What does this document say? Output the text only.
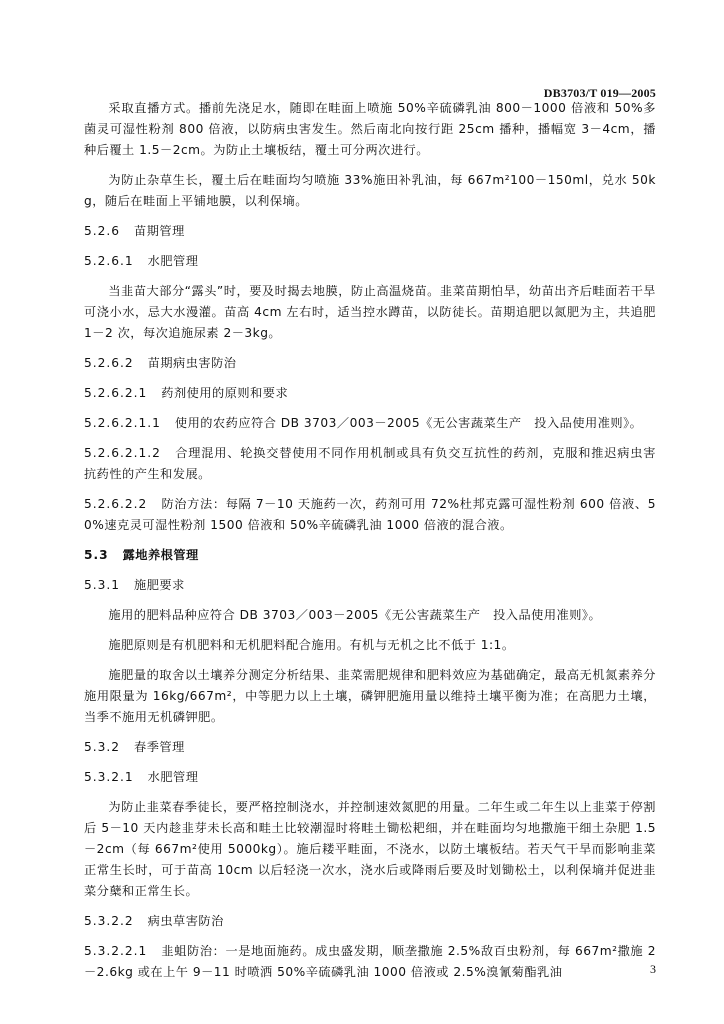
DB3703/T 019—2005
采取直播方式。播前先浇足水，随即在畦面上喷施 50%辛硫磷乳油 800－1000 倍液和 50%多菌灵可湿性粉剂 800 倍液，以防病虫害发生。然后南北向按行距 25cm 播种，播幅宽 3－4cm，播种后覆土 1.5－2cm。为防止土壤板结，覆土可分两次进行。
为防止杂草生长，覆土后在畦面均匀喷施 33%施田补乳油，每 667m²100－150ml，兑水 50kg，随后在畦面上平铺地膜，以利保墒。
5.2.6 苗期管理
5.2.6.1 水肥管理
当韭苗大部分“露头”时，要及时揭去地膜，防止高温烧苗。韭菜苗期怕旱，幼苗出齐后畦面若干旱可浇小水，忌大水漫灌。苗高 4cm 左右时，适当控水蹲苗，以防徒长。苗期追肥以氮肥为主，共追肥 1－2 次，每次追施尿素 2－3kg。
5.2.6.2 苗期病虫害防治
5.2.6.2.1 药剂使用的原则和要求
5.2.6.2.1.1 使用的农药应符合 DB 3703／003－2005《无公害蔬菜生产　投入品使用准则》。
5.2.6.2.1.2 合理混用、轮换交替使用不同作用机制或具有负交互抗性的药剂，克服和推迟病虫害抗药性的产生和发展。
5.2.6.2.2 防治方法：每隔 7－10 天施药一次，药剂可用 72%杜邦克露可湿性粉剂 600 倍液、50%速克灵可湿性粉剂 1500 倍液和 50%辛硫磷乳油 1000 倍液的混合液。
5.3 露地养根管理
5.3.1 施肥要求
施用的肥料品种应符合 DB 3703／003－2005《无公害蔬菜生产　投入品使用准则》。
施肥原则是有机肥料和无机肥料配合施用。有机与无机之比不低于 1:1。
施肥量的取舍以土壤养分测定分析结果、韭菜需肥规律和肥料效应为基础确定，最高无机氮素养分施用限量为 16kg/667m²，中等肥力以上土壤，磷钾肥施用量以维持土壤平衡为准；在高肥力土壤，当季不施用无机磷钾肥。
5.3.2 春季管理
5.3.2.1 水肥管理
为防止韭菜春季徒长，要严格控制浇水，并控制速效氮肥的用量。二年生或二年生以上韭菜于停割后 5－10 天内趁韭芽未长高和畦土比较潮湿时将畦土锄松耙细，并在畦面均匀地撒施干细土杂肥 1.5－2cm（每 667m²使用 5000kg）。施后耧平畦面，不浇水，以防土壤板结。若天气干旱而影响韭菜正常生长时，可于苗高 10cm 以后轻浇一次水，浇水后或降雨后要及时划锄松土，以利保墒并促进韭菜分蘖和正常生长。
5.3.2.2 病虫草害防治
5.3.2.2.1 韭蛆防治：一是地面施药。成虫盛发期，顺垄撒施 2.5%敌百虫粉剂，每 667m²撒施 2－2.6kg 或在上午 9－11 时喷洒 50%辛硫磷乳油 1000 倍液或 2.5%溴氰菊酯乳油	3
